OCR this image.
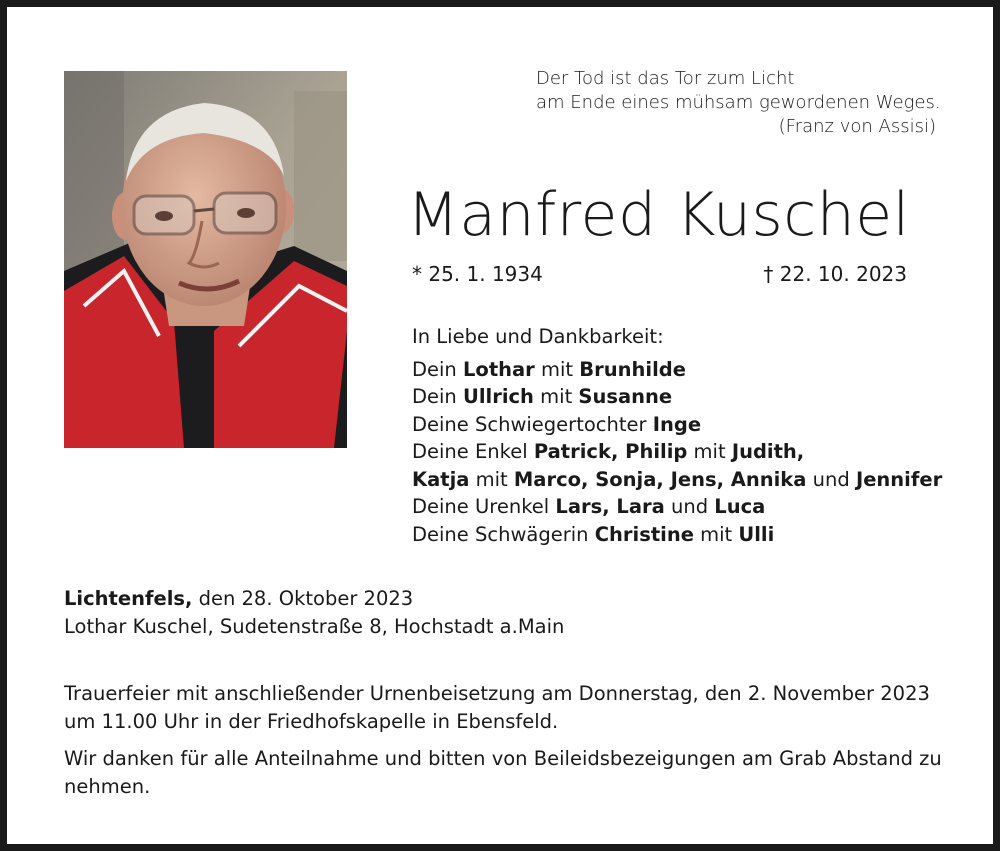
Der Tod ist das Tor zum Licht
am Ende eines mühsam gewordenen Weges.
(Franz von Assisi)
Manfred Kuschel
* 25. 1. 1934	† 22. 10. 2023
In Liebe und Dankbarkeit:
Dein Lothar mit Brunhilde
Dein Ullrich mit Susanne
Deine Schwiegertochter Inge
Deine Enkel Patrick, Philip mit Judith,
Katja mit Marco, Sonja, Jens, Annika und Jennifer
Deine Urenkel Lars, Lara und Luca
Deine Schwägerin Christine mit Ulli
Lichtenfels, den 28. Oktober 2023
Lothar Kuschel, Sudetenstraße 8, Hochstadt a.Main

Trauerfeier mit anschließender Urnenbeisetzung am Donnerstag, den 2. November 2023 um 11.00 Uhr in der Friedhofskapelle in Ebensfeld.

Wir danken für alle Anteilnahme und bitten von Beileidsbezeigungen am Grab Abstand zu nehmen.
